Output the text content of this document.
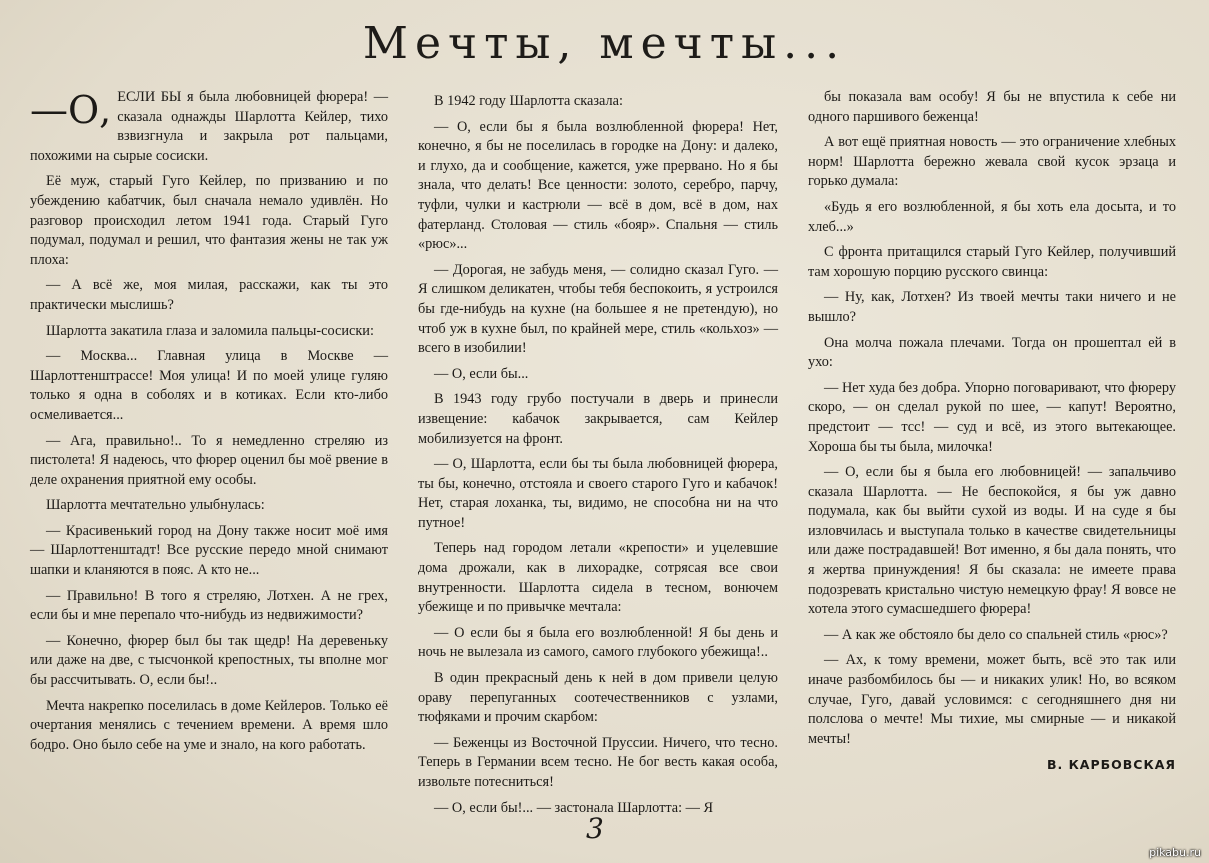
Мечты, мечты...

—О, ЕСЛИ БЫ я была любовницей фюрера! — сказала однажды Шарлотта Кейлер, тихо взвизгнула и закрыла рот пальцами, похожими на сырые сосиски.

Её муж, старый Гуго Кейлер, по призванию и по убеждению кабатчик, был сначала немало удивлён. Но разговор происходил летом 1941 года. Старый Гуго подумал, подумал и решил, что фантазия жены не так уж плоха:

— А всё же, моя милая, расскажи, как ты это практически мыслишь?

Шарлотта закатила глаза и заломила пальцы-сосиски:

— Москва... Главная улица в Москве — Шарлоттенштрассе! Моя улица! И по моей улице гуляю только я одна в соболях и в котиках. Если кто-либо осмеливается...

— Ага, правильно!.. То я немедленно стреляю из пистолета! Я надеюсь, что фюрер оценил бы моё рвение в деле охранения приятной ему особы.

Шарлотта мечтательно улыбнулась:

— Красивенький город на Дону также носит моё имя — Шарлоттенштадт! Все русские передо мной снимают шапки и кланяются в пояс. А кто не...

— Правильно! В того я стреляю, Лотхен. А не грех, если бы и мне перепало что-нибудь из недвижимости?

— Конечно, фюрер был бы так щедр! На деревеньку или даже на две, с тысчонкой крепостных, ты вполне мог бы рассчитывать. О, если бы!..

Мечта накрепко поселилась в доме Кейлеров. Только её очертания менялись с течением времени. А время шло бодро. Оно было себе на уме и знало, на кого работать.

В 1942 году Шарлотта сказала:

— О, если бы я была возлюбленной фюрера! Нет, конечно, я бы не поселилась в городке на Дону: и далеко, и глухо, да и сообщение, кажется, уже прервано. Но я бы знала, что делать! Все ценности: золото, серебро, парчу, туфли, чулки и кастрюли — всё в дом, всё в дом, нах фатерланд. Столовая — стиль «бояр». Спальня — стиль «рюс»...

— Дорогая, не забудь меня, — солидно сказал Гуго. — Я слишком деликатен, чтобы тебя беспокоить, я устроился бы где-нибудь на кухне (на большее я не претендую), но чтоб уж в кухне был, по крайней мере, стиль «кольхоз» — всего в изобилии!

— О, если бы...

В 1943 году грубо постучали в дверь и принесли извещение: кабачок закрывается, сам Кейлер мобилизуется на фронт.

— О, Шарлотта, если бы ты была любовницей фюрера, ты бы, конечно, отстояла и своего старого Гуго и кабачок! Нет, старая лоханка, ты, видимо, не способна ни на что путное!

Теперь над городом летали «крепости» и уцелевшие дома дрожали, как в лихорадке, сотрясая все свои внутренности. Шарлотта сидела в тесном, вонючем убежище и по привычке мечтала:

— О если бы я была его возлюбленной! Я бы день и ночь не вылезала из самого, самого глубокого убежища!..

В один прекрасный день к ней в дом привели целую ораву перепуганных соотечественников с узлами, тюфяками и прочим скарбом:

— Беженцы из Восточной Пруссии. Ничего, что тесно. Теперь в Германии всем тесно. Не бог весть какая особа, извольте потесниться!

— О, если бы!... — застонала Шарлотта: — Я

бы показала вам особу! Я бы не впустила к себе ни одного паршивого беженца!

А вот ещё приятная новость — это ограничение хлебных норм! Шарлотта бережно жевала свой кусок эрзаца и горько думала:

«Будь я его возлюбленной, я бы хоть ела досыта, и то хлеб...»

С фронта притащился старый Гуго Кейлер, получивший там хорошую порцию русского свинца:

— Ну, как, Лотхен? Из твоей мечты таки ничего и не вышло?

Она молча пожала плечами. Тогда он прошептал ей в ухо:

— Нет худа без добра. Упорно поговаривают, что фюреру скоро, — он сделал рукой по шее, — капут! Вероятно, предстоит — тсс! — суд и всё, из этого вытекающее. Хороша бы ты была, милочка!

— О, если бы я была его любовницей! — запальчиво сказала Шарлотта. — Не беспокойся, я бы уж давно подумала, как бы выйти сухой из воды. И на суде я бы изловчилась и выступала только в качестве свидетельницы или даже пострадавшей! Вот именно, я бы дала понять, что я жертва принуждения! Я бы сказала: не имеете права подозревать кристально чистую немецкую фрау! Я вовсе не хотела этого сумасшедшего фюрера!

— А как же обстояло бы дело со спальней стиль «рюс»?

— Ах, к тому времени, может быть, всё это так или иначе разбомбилось бы — и никаких улик! Но, во всяком случае, Гуго, давай условимся: с сегодняшнего дня ни полслова о мечте! Мы тихие, мы смирные — и никакой мечты!

В. КАРБОВСКАЯ

3
pikabu.ru
